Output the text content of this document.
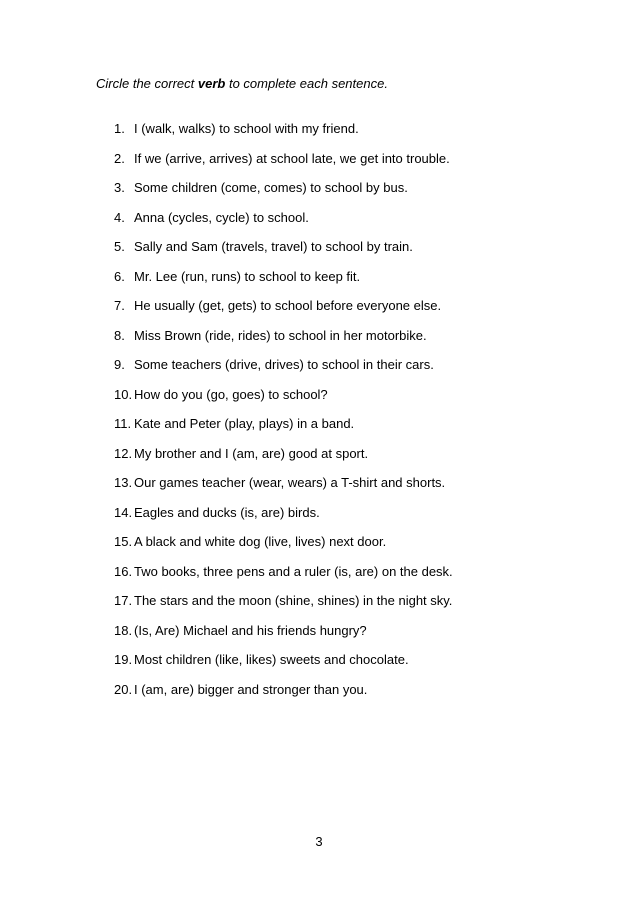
Circle the correct verb to complete each sentence.
1. I (walk, walks) to school with my friend.
2. If we (arrive, arrives) at school late, we get into trouble.
3. Some children (come, comes) to school by bus.
4. Anna (cycles, cycle) to school.
5. Sally and Sam (travels, travel) to school by train.
6. Mr. Lee (run, runs) to school to keep fit.
7. He usually (get, gets) to school before everyone else.
8. Miss Brown (ride, rides) to school in her motorbike.
9. Some teachers (drive, drives) to school in their cars.
10. How do you (go, goes) to school?
11. Kate and Peter (play, plays) in a band.
12. My brother and I (am, are) good at sport.
13. Our games teacher (wear, wears) a T-shirt and shorts.
14. Eagles and ducks (is, are) birds.
15. A black and white dog (live, lives) next door.
16. Two books, three pens and a ruler (is, are) on the desk.
17. The stars and the moon (shine, shines) in the night sky.
18. (Is, Are) Michael and his friends hungry?
19. Most children (like, likes) sweets and chocolate.
20. I (am, are) bigger and stronger than you.
3
